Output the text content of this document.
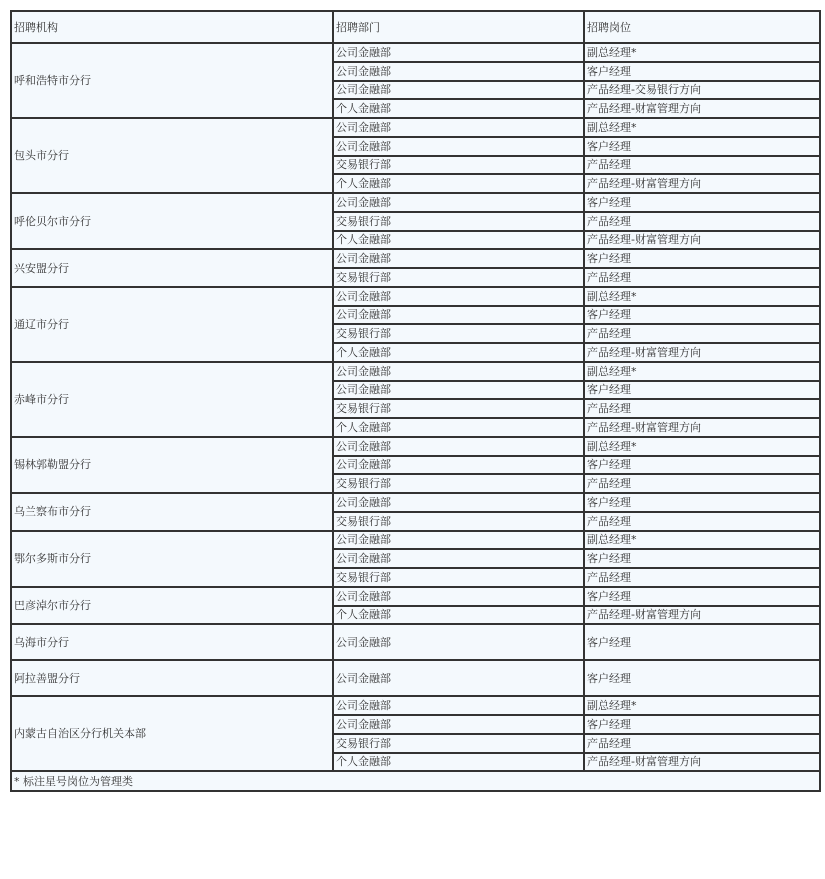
招聘机构	招聘部门	招聘岗位
呼和浩特市分行	公司金融部	副总经理*
	公司金融部	客户经理
	公司金融部	产品经理-交易银行方向
	个人金融部	产品经理-财富管理方向
包头市分行	公司金融部	副总经理*
	公司金融部	客户经理
	交易银行部	产品经理
	个人金融部	产品经理-财富管理方向
呼伦贝尔市分行	公司金融部	客户经理
	交易银行部	产品经理
	个人金融部	产品经理-财富管理方向
兴安盟分行	公司金融部	客户经理
	交易银行部	产品经理
通辽市分行	公司金融部	副总经理*
	公司金融部	客户经理
	交易银行部	产品经理
	个人金融部	产品经理-财富管理方向
赤峰市分行	公司金融部	副总经理*
	公司金融部	客户经理
	交易银行部	产品经理
	个人金融部	产品经理-财富管理方向
锡林郭勒盟分行	公司金融部	副总经理*
	公司金融部	客户经理
	交易银行部	产品经理
乌兰察布市分行	公司金融部	客户经理
	交易银行部	产品经理
鄂尔多斯市分行	公司金融部	副总经理*
	公司金融部	客户经理
	交易银行部	产品经理
巴彦淖尔市分行	公司金融部	客户经理
	个人金融部	产品经理-财富管理方向
乌海市分行	公司金融部	客户经理
阿拉善盟分行	公司金融部	客户经理
内蒙古自治区分行机关本部	公司金融部	副总经理*
	公司金融部	客户经理
	交易银行部	产品经理
	个人金融部	产品经理-财富管理方向
* 标注星号岗位为管理类		
